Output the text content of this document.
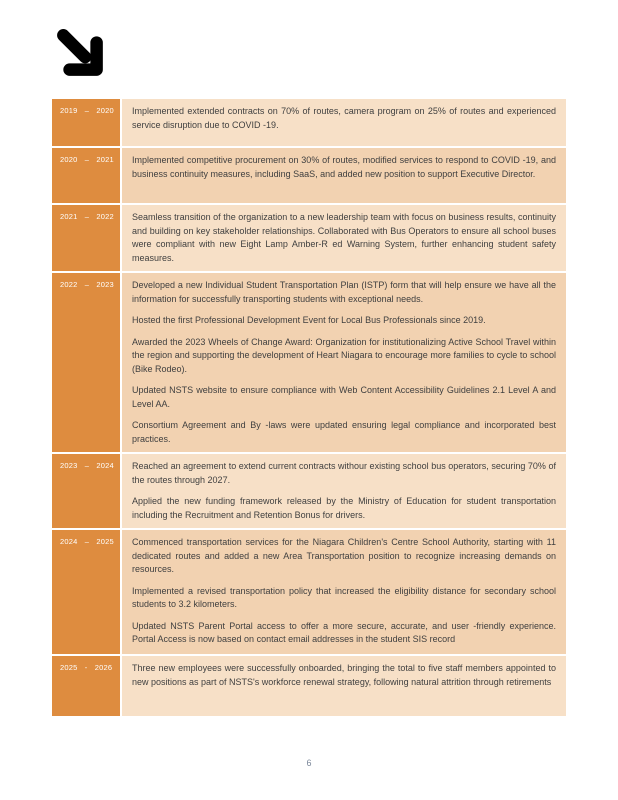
2019 – 2020	Implemented extended contracts on 70% of routes, camera program on 25% of routes and experienced service disruption due to COVID -19.

2020 – 2021	Implemented competitive procurement on 30% of routes, modified services to respond to COVID -19, and business continuity measures, including SaaS, and added new position to support Executive Director.

2021 – 2022	Seamless transition of the organization to a new leadership team with focus on business results, continuity and building on key stakeholder relationships. Collaborated with Bus Operators to ensure all school buses were compliant with new Eight Lamp Amber-R ed Warning System, further enhancing student safety measures.

2022 – 2023	Developed a new Individual Student Transportation Plan (ISTP) form that will help ensure we have all the information for successfully transporting students with exceptional needs.

Hosted the first Professional Development Event for Local Bus Professionals since 2019.

Awarded the 2023 Wheels of Change Award: Organization for institutionalizing Active School Travel within the region and supporting the development of Heart Niagara to encourage more families to cycle to school (Bike Rodeo).

Updated NSTS website to ensure compliance with Web Content Accessibility Guidelines 2.1 Level A and Level AA.

Consortium Agreement and By -laws were updated ensuring legal compliance and incorporated best practices.

2023 – 2024	Reached an agreement to extend current contracts withour existing school bus operators, securing 70% of the routes through 2027.

Applied the new funding framework released by the Ministry of Education for student transportation including the Recruitment and Retention Bonus for drivers.

2024 – 2025	Commenced transportation services for the Niagara Children's Centre School Authority, starting with 11 dedicated routes and added a new Area Transportation position to recognize increasing demands on resources.

Implemented a revised transportation policy that increased the eligibility distance for secondary school students to 3.2 kilometers.

Updated NSTS Parent Portal access to offer a more secure, accurate, and user -friendly experience. Portal Access is now based on contact email addresses in the student SIS record

2025 - 2026	Three new employees were successfully onboarded, bringing the total to five staff members appointed to new positions as part of NSTS's workforce renewal strategy, following natural attrition through retirements

6
